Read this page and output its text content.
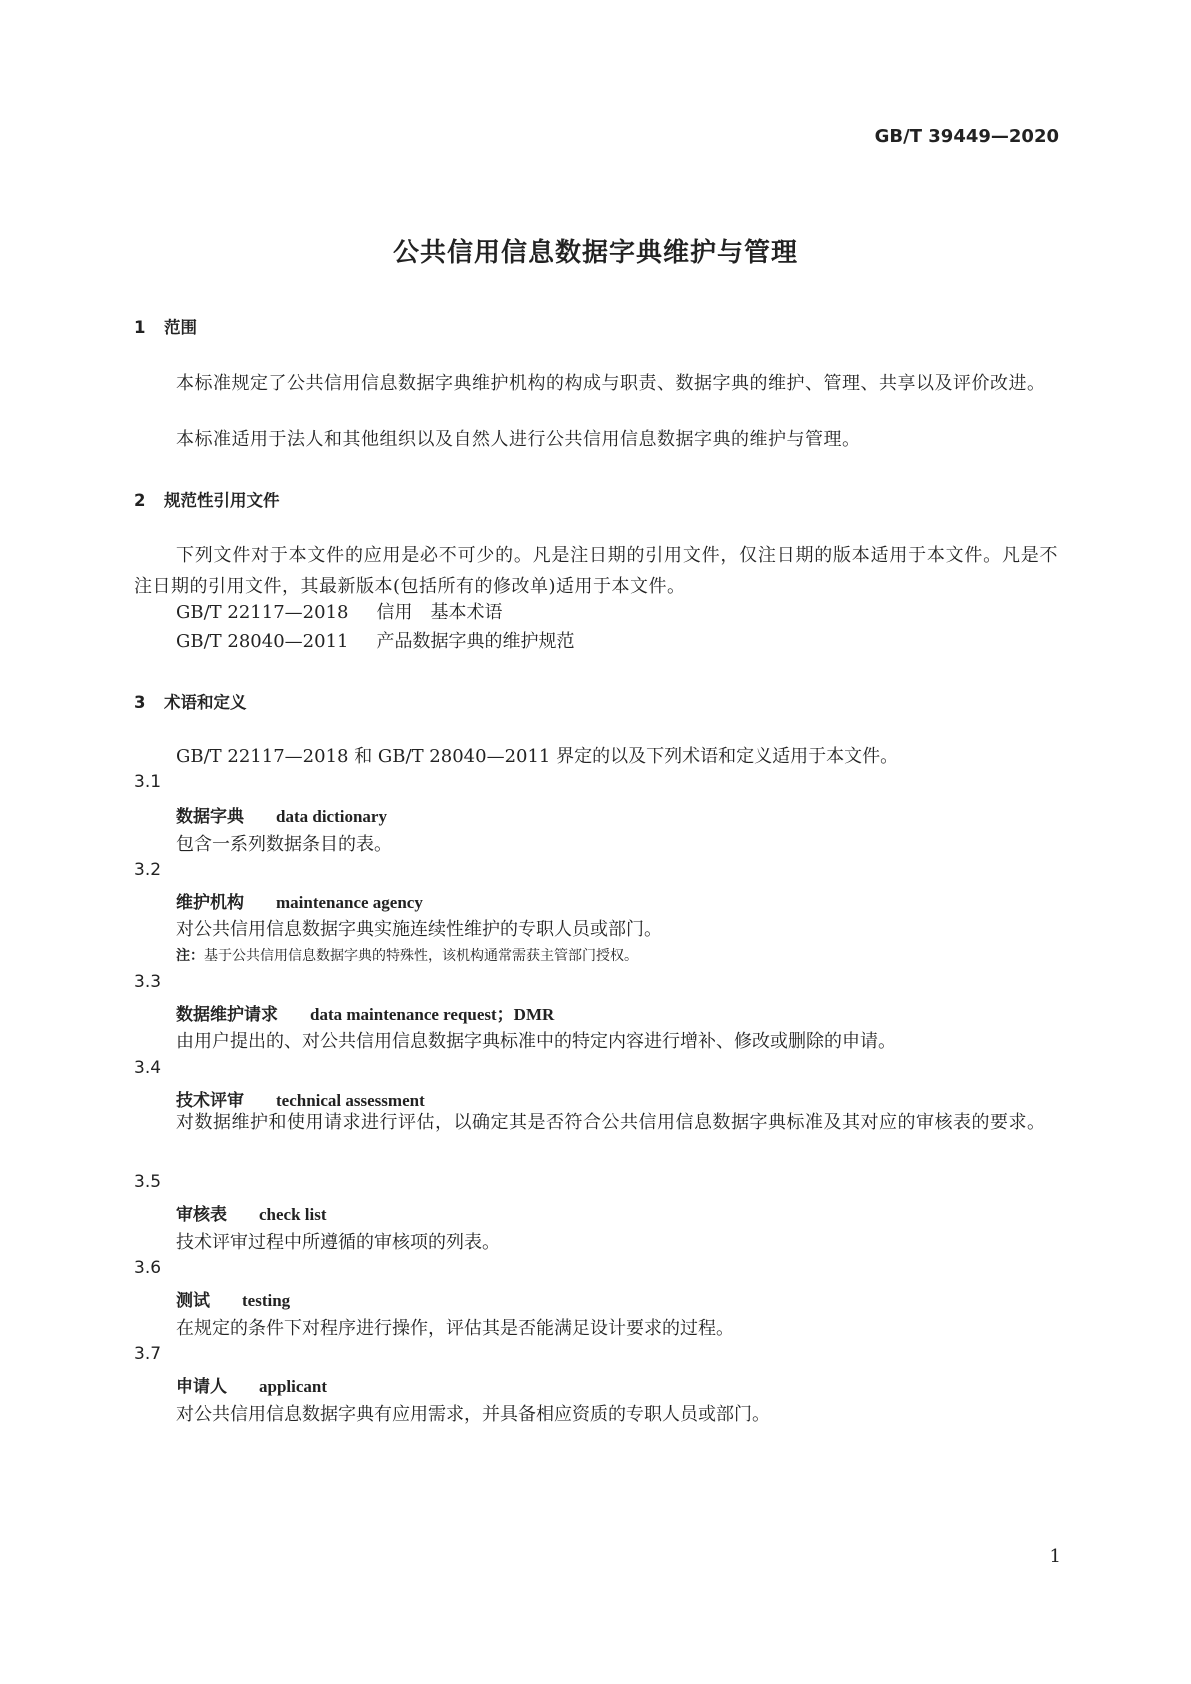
GB/T 39449—2020
公共信用信息数据字典维护与管理
1 范围
本标准规定了公共信用信息数据字典维护机构的构成与职责、数据字典的维护、管理、共享以及评价改进。
本标准适用于法人和其他组织以及自然人进行公共信用信息数据字典的维护与管理。
2 规范性引用文件
下列文件对于本文件的应用是必不可少的。凡是注日期的引用文件，仅注日期的版本适用于本文件。凡是不注日期的引用文件，其最新版本(包括所有的修改单)适用于本文件。
GB/T 22117—2018 信用　基本术语
GB/T 28040—2011 产品数据字典的维护规范
3 术语和定义
GB/T 22117—2018 和 GB/T 28040—2011 界定的以及下列术语和定义适用于本文件。
3.1
数据字典 data dictionary
包含一系列数据条目的表。
3.2
维护机构 maintenance agency
对公共信用信息数据字典实施连续性维护的专职人员或部门。
注：基于公共信用信息数据字典的特殊性，该机构通常需获主管部门授权。
3.3
数据维护请求 data maintenance request；DMR
由用户提出的、对公共信用信息数据字典标准中的特定内容进行增补、修改或删除的申请。
3.4
技术评审 technical assessment
对数据维护和使用请求进行评估，以确定其是否符合公共信用信息数据字典标准及其对应的审核表的要求。
3.5
审核表 check list
技术评审过程中所遵循的审核项的列表。
3.6
测试 testing
在规定的条件下对程序进行操作，评估其是否能满足设计要求的过程。
3.7
申请人 applicant
对公共信用信息数据字典有应用需求，并具备相应资质的专职人员或部门。
1
